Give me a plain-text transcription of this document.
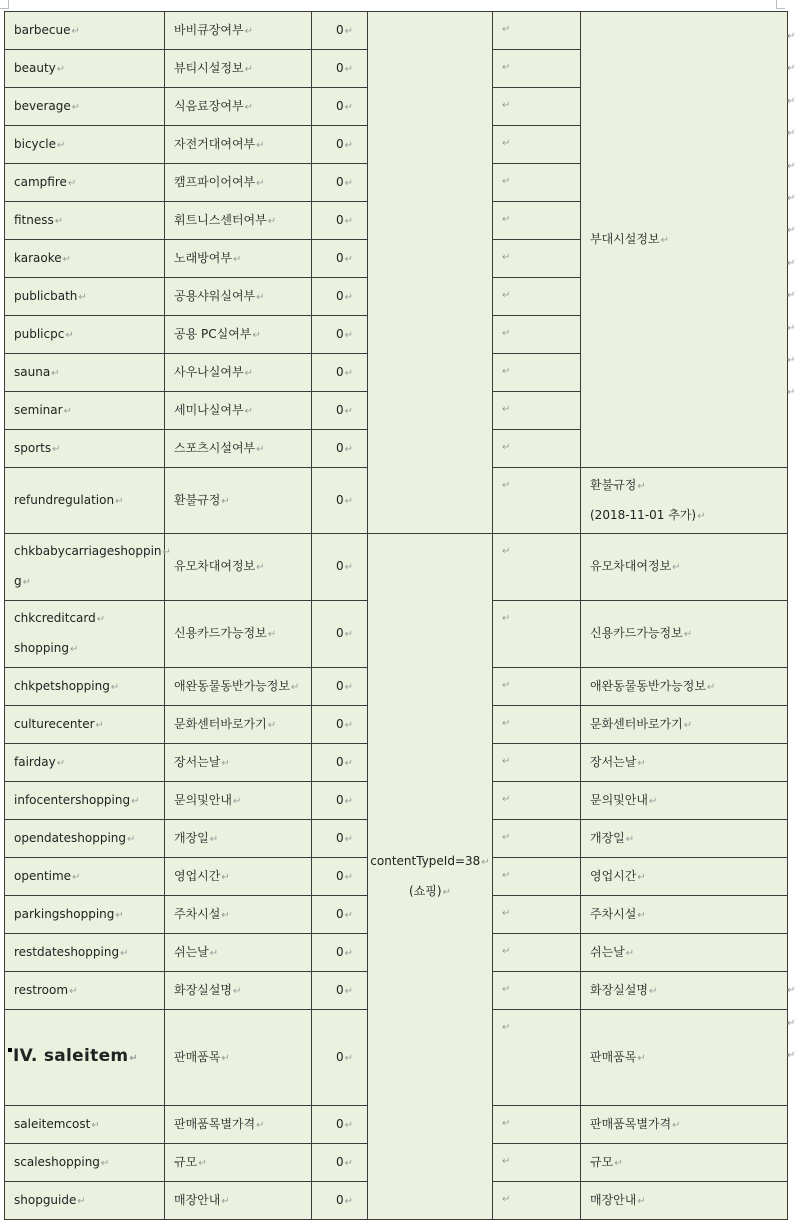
barbecue↵	바비큐장여부↵	0↵		↵	부대시설정보↵
beauty↵	뷰티시설정보↵	0↵		↵	
beverage↵	식음료장여부↵	0↵		↵	
bicycle↵	자전거대여여부↵	0↵		↵	
campfire↵	캠프파이어여부↵	0↵		↵	
fitness↵	휘트니스센터여부↵	0↵		↵	
karaoke↵	노래방여부↵	0↵		↵	
publicbath↵	공용샤워실여부↵	0↵		↵	
publicpc↵	공용 PC실여부↵	0↵		↵	
sauna↵	사우나실여부↵	0↵		↵	
seminar↵	세미나실여부↵	0↵		↵	
sports↵	스포츠시설여부↵	0↵		↵	
refundregulation↵	환불규정↵	0↵		↵	환불규정↵
(2018-11-01 추가)↵
chkbabycarriageshoppin↵
g↵	유모차대여정보↵	0↵	contentTypeId=38↵
(쇼핑)↵	↵	유모차대여정보↵
chkcreditcard↵
shopping↵	신용카드가능정보↵	0↵		↵	신용카드가능정보↵
chkpetshopping↵	애완동물동반가능정보↵	0↵		↵	애완동물동반가능정보↵
culturecenter↵	문화센터바로가기↵	0↵		↵	문화센터바로가기↵
fairday↵	장서는날↵	0↵		↵	장서는날↵
infocentershopping↵	문의및안내↵	0↵		↵	문의및안내↵
opendateshopping↵	개장일↵	0↵		↵	개장일↵
opentime↵	영업시간↵	0↵		↵	영업시간↵
parkingshopping↵	주차시설↵	0↵		↵	주차시설↵
restdateshopping↵	쉬는날↵	0↵		↵	쉬는날↵
restroom↵	화장실설명↵	0↵		↵	화장실설명↵
IV. saleitem↵	판매품목↵	0↵		↵	판매품목↵
saleitemcost↵	판매품목별가격↵	0↵		↵	판매품목별가격↵
scaleshopping↵	규모↵	0↵		↵	규모↵
shopguide↵	매장안내↵	0↵		↵	매장안내↵
↵
↵
↵
↵
↵
↵
↵
↵
↵
↵
↵
↵
↵
↵
↵
